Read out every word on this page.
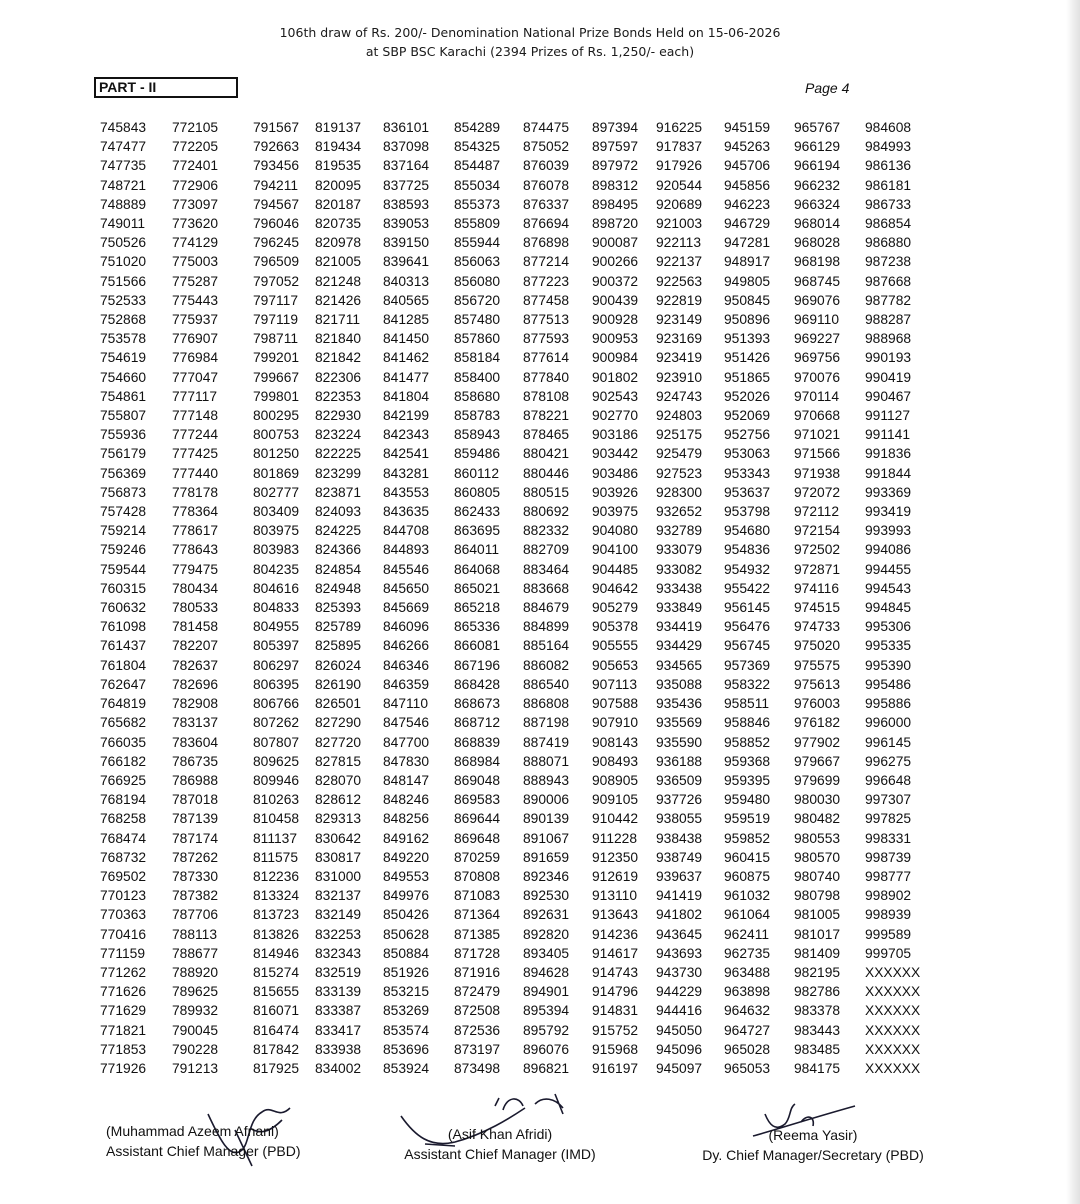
106th draw of Rs. 200/- Denomination National Prize Bonds Held on 15-06-2026
at SBP BSC Karachi (2394 Prizes of Rs. 1,250/- each)
PART - II	Page 4
745843	772105	791567	819137	836101	854289	874475	897394	916225	945159	965767	984608
747477	772205	792663	819434	837098	854325	875052	897597	917837	945263	966129	984993
747735	772401	793456	819535	837164	854487	876039	897972	917926	945706	966194	986136
748721	772906	794211	820095	837725	855034	876078	898312	920544	945856	966232	986181
748889	773097	794567	820187	838593	855373	876337	898495	920689	946223	966324	986733
749011	773620	796046	820735	839053	855809	876694	898720	921003	946729	968014	986854
750526	774129	796245	820978	839150	855944	876898	900087	922113	947281	968028	986880
751020	775003	796509	821005	839641	856063	877214	900266	922137	948917	968198	987238
751566	775287	797052	821248	840313	856080	877223	900372	922563	949805	968745	987668
752533	775443	797117	821426	840565	856720	877458	900439	922819	950845	969076	987782
752868	775937	797119	821711	841285	857480	877513	900928	923149	950896	969110	988287
753578	776907	798711	821840	841450	857860	877593	900953	923169	951393	969227	988968
754619	776984	799201	821842	841462	858184	877614	900984	923419	951426	969756	990193
754660	777047	799667	822306	841477	858400	877840	901802	923910	951865	970076	990419
754861	777117	799801	822353	841804	858680	878108	902543	924743	952026	970114	990467
755807	777148	800295	822930	842199	858783	878221	902770	924803	952069	970668	991127
755936	777244	800753	823224	842343	858943	878465	903186	925175	952756	971021	991141
756179	777425	801250	822225	842541	859486	880421	903442	925479	953063	971566	991836
756369	777440	801869	823299	843281	860112	880446	903486	927523	953343	971938	991844
756873	778178	802777	823871	843553	860805	880515	903926	928300	953637	972072	993369
757428	778364	803409	824093	843635	862433	880692	903975	932652	953798	972112	993419
759214	778617	803975	824225	844708	863695	882332	904080	932789	954680	972154	993993
759246	778643	803983	824366	844893	864011	882709	904100	933079	954836	972502	994086
759544	779475	804235	824854	845546	864068	883464	904485	933082	954932	972871	994455
760315	780434	804616	824948	845650	865021	883668	904642	933438	955422	974116	994543
760632	780533	804833	825393	845669	865218	884679	905279	933849	956145	974515	994845
761098	781458	804955	825789	846096	865336	884899	905378	934419	956476	974733	995306
761437	782207	805397	825895	846266	866081	885164	905555	934429	956745	975020	995335
761804	782637	806297	826024	846346	867196	886082	905653	934565	957369	975575	995390
762647	782696	806395	826190	846359	868428	886540	907113	935088	958322	975613	995486
764819	782908	806766	826501	847110	868673	886808	907588	935436	958511	976003	995886
765682	783137	807262	827290	847546	868712	887198	907910	935569	958846	976182	996000
766035	783604	807807	827720	847700	868839	887419	908143	935590	958852	977902	996145
766182	786735	809625	827815	847830	868984	888071	908493	936188	959368	979667	996275
766925	786988	809946	828070	848147	869048	888943	908905	936509	959395	979699	996648
768194	787018	810263	828612	848246	869583	890006	909105	937726	959480	980030	997307
768258	787139	810458	829313	848256	869644	890139	910442	938055	959519	980482	997825
768474	787174	811137	830642	849162	869648	891067	911228	938438	959852	980553	998331
768732	787262	811575	830817	849220	870259	891659	912350	938749	960415	980570	998739
769502	787330	812236	831000	849553	870808	892346	912619	939637	960875	980740	998777
770123	787382	813324	832137	849976	871083	892530	913110	941419	961032	980798	998902
770363	787706	813723	832149	850426	871364	892631	913643	941802	961064	981005	998939
770416	788113	813826	832253	850628	871385	892820	914236	943645	962411	981017	999589
771159	788677	814946	832343	850884	871728	893405	914617	943693	962735	981409	999705
771262	788920	815274	832519	851926	871916	894628	914743	943730	963488	982195	XXXXXX
771626	789625	815655	833139	853215	872479	894901	914796	944229	963898	982786	XXXXXX
771629	789932	816071	833387	853269	872508	895394	914831	944416	964632	983378	XXXXXX
771821	790045	816474	833417	853574	872536	895792	915752	945050	964727	983443	XXXXXX
771853	790228	817842	833938	853696	873197	896076	915968	945096	965028	983485	XXXXXX
771926	791213	817925	834002	853924	873498	896821	916197	945097	965053	984175	XXXXXX
(Muhammad Azeem Afnani)
Assistant Chief Manager (PBD)
(Asif Khan Afridi)
Assistant Chief Manager (IMD)
(Reema Yasir)
Dy. Chief Manager/Secretary (PBD)
